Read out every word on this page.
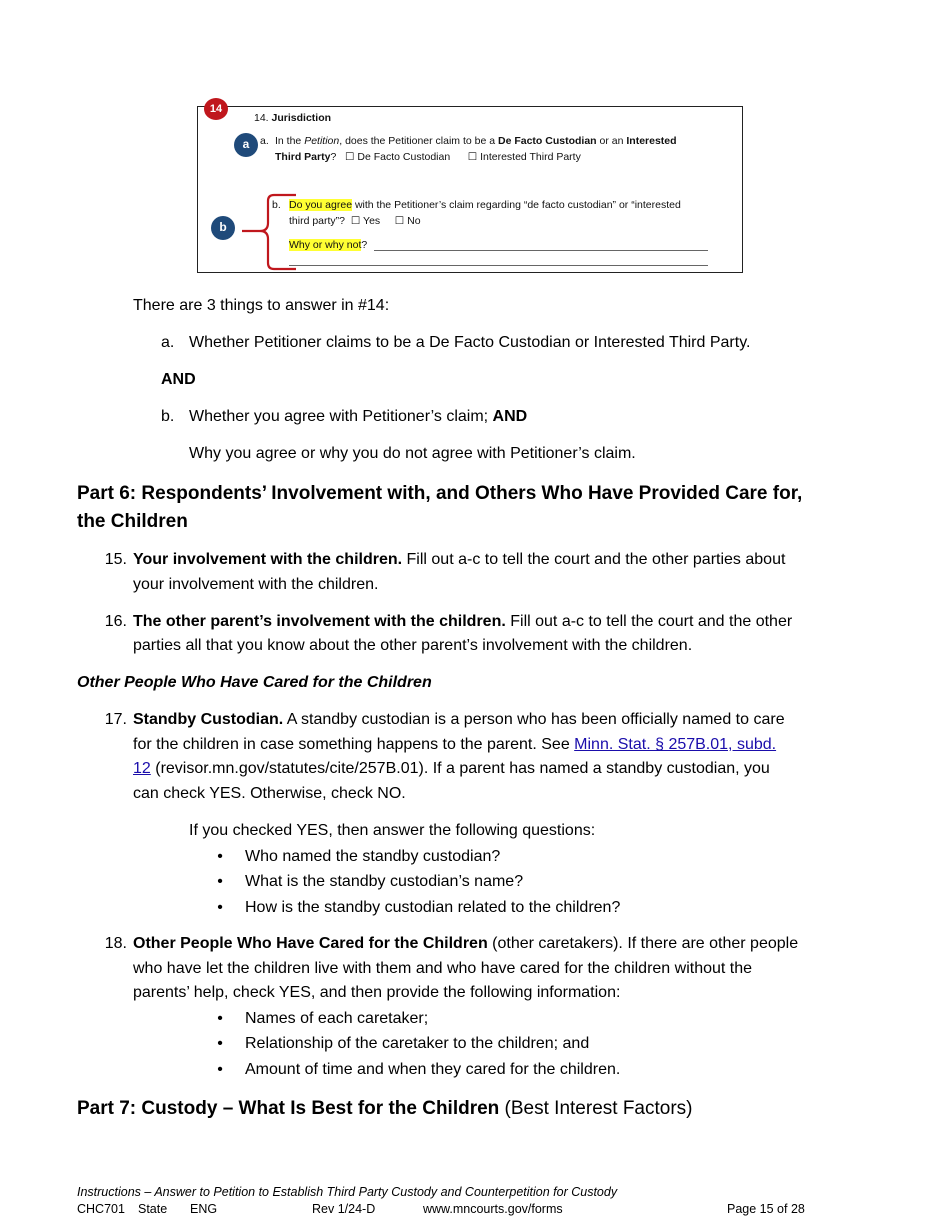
14. Jurisdiction
a. In the Petition, does the Petitioner claim to be a De Facto Custodian or an Interested
Third Party? ☐ De Facto Custodian ☐ Interested Third Party
b. Do you agree with the Petitioner’s claim regarding “de facto custodian” or “interested
third party”? ☐ Yes ☐ No
Why or why not?
14
a
b
There are 3 things to answer in #14:
a. Whether Petitioner claims to be a De Facto Custodian or Interested Third Party.
AND
b. Whether you agree with Petitioner’s claim; AND
Why you agree or why you do not agree with Petitioner’s claim.
Part 6: Respondents’ Involvement with, and Others Who Have Provided Care for,
the Children
15. Your involvement with the children. Fill out a-c to tell the court and the other parties about
your involvement with the children.
16. The other parent’s involvement with the children. Fill out a-c to tell the court and the other
parties all that you know about the other parent’s involvement with the children.
Other People Who Have Cared for the Children
17. Standby Custodian. A standby custodian is a person who has been officially named to care
for the children in case something happens to the parent. See Minn. Stat. § 257B.01, subd.
12 (revisor.mn.gov/statutes/cite/257B.01). If a parent has named a standby custodian, you
can check YES. Otherwise, check NO.
If you checked YES, then answer the following questions:
•	Who named the standby custodian?
•	What is the standby custodian’s name?
•	How is the standby custodian related to the children?
18. Other People Who Have Cared for the Children (other caretakers). If there are other people
who have let the children live with them and who have cared for the children without the
parents’ help, check YES, and then provide the following information:
•	Names of each caretaker;
•	Relationship of the caretaker to the children; and
•	Amount of time and when they cared for the children.
Part 7: Custody – What Is Best for the Children (Best Interest Factors)
Instructions – Answer to Petition to Establish Third Party Custody and Counterpetition for Custody
CHC701 State ENG	Rev 1/24-D	www.mncourts.gov/forms	Page 15 of 28
